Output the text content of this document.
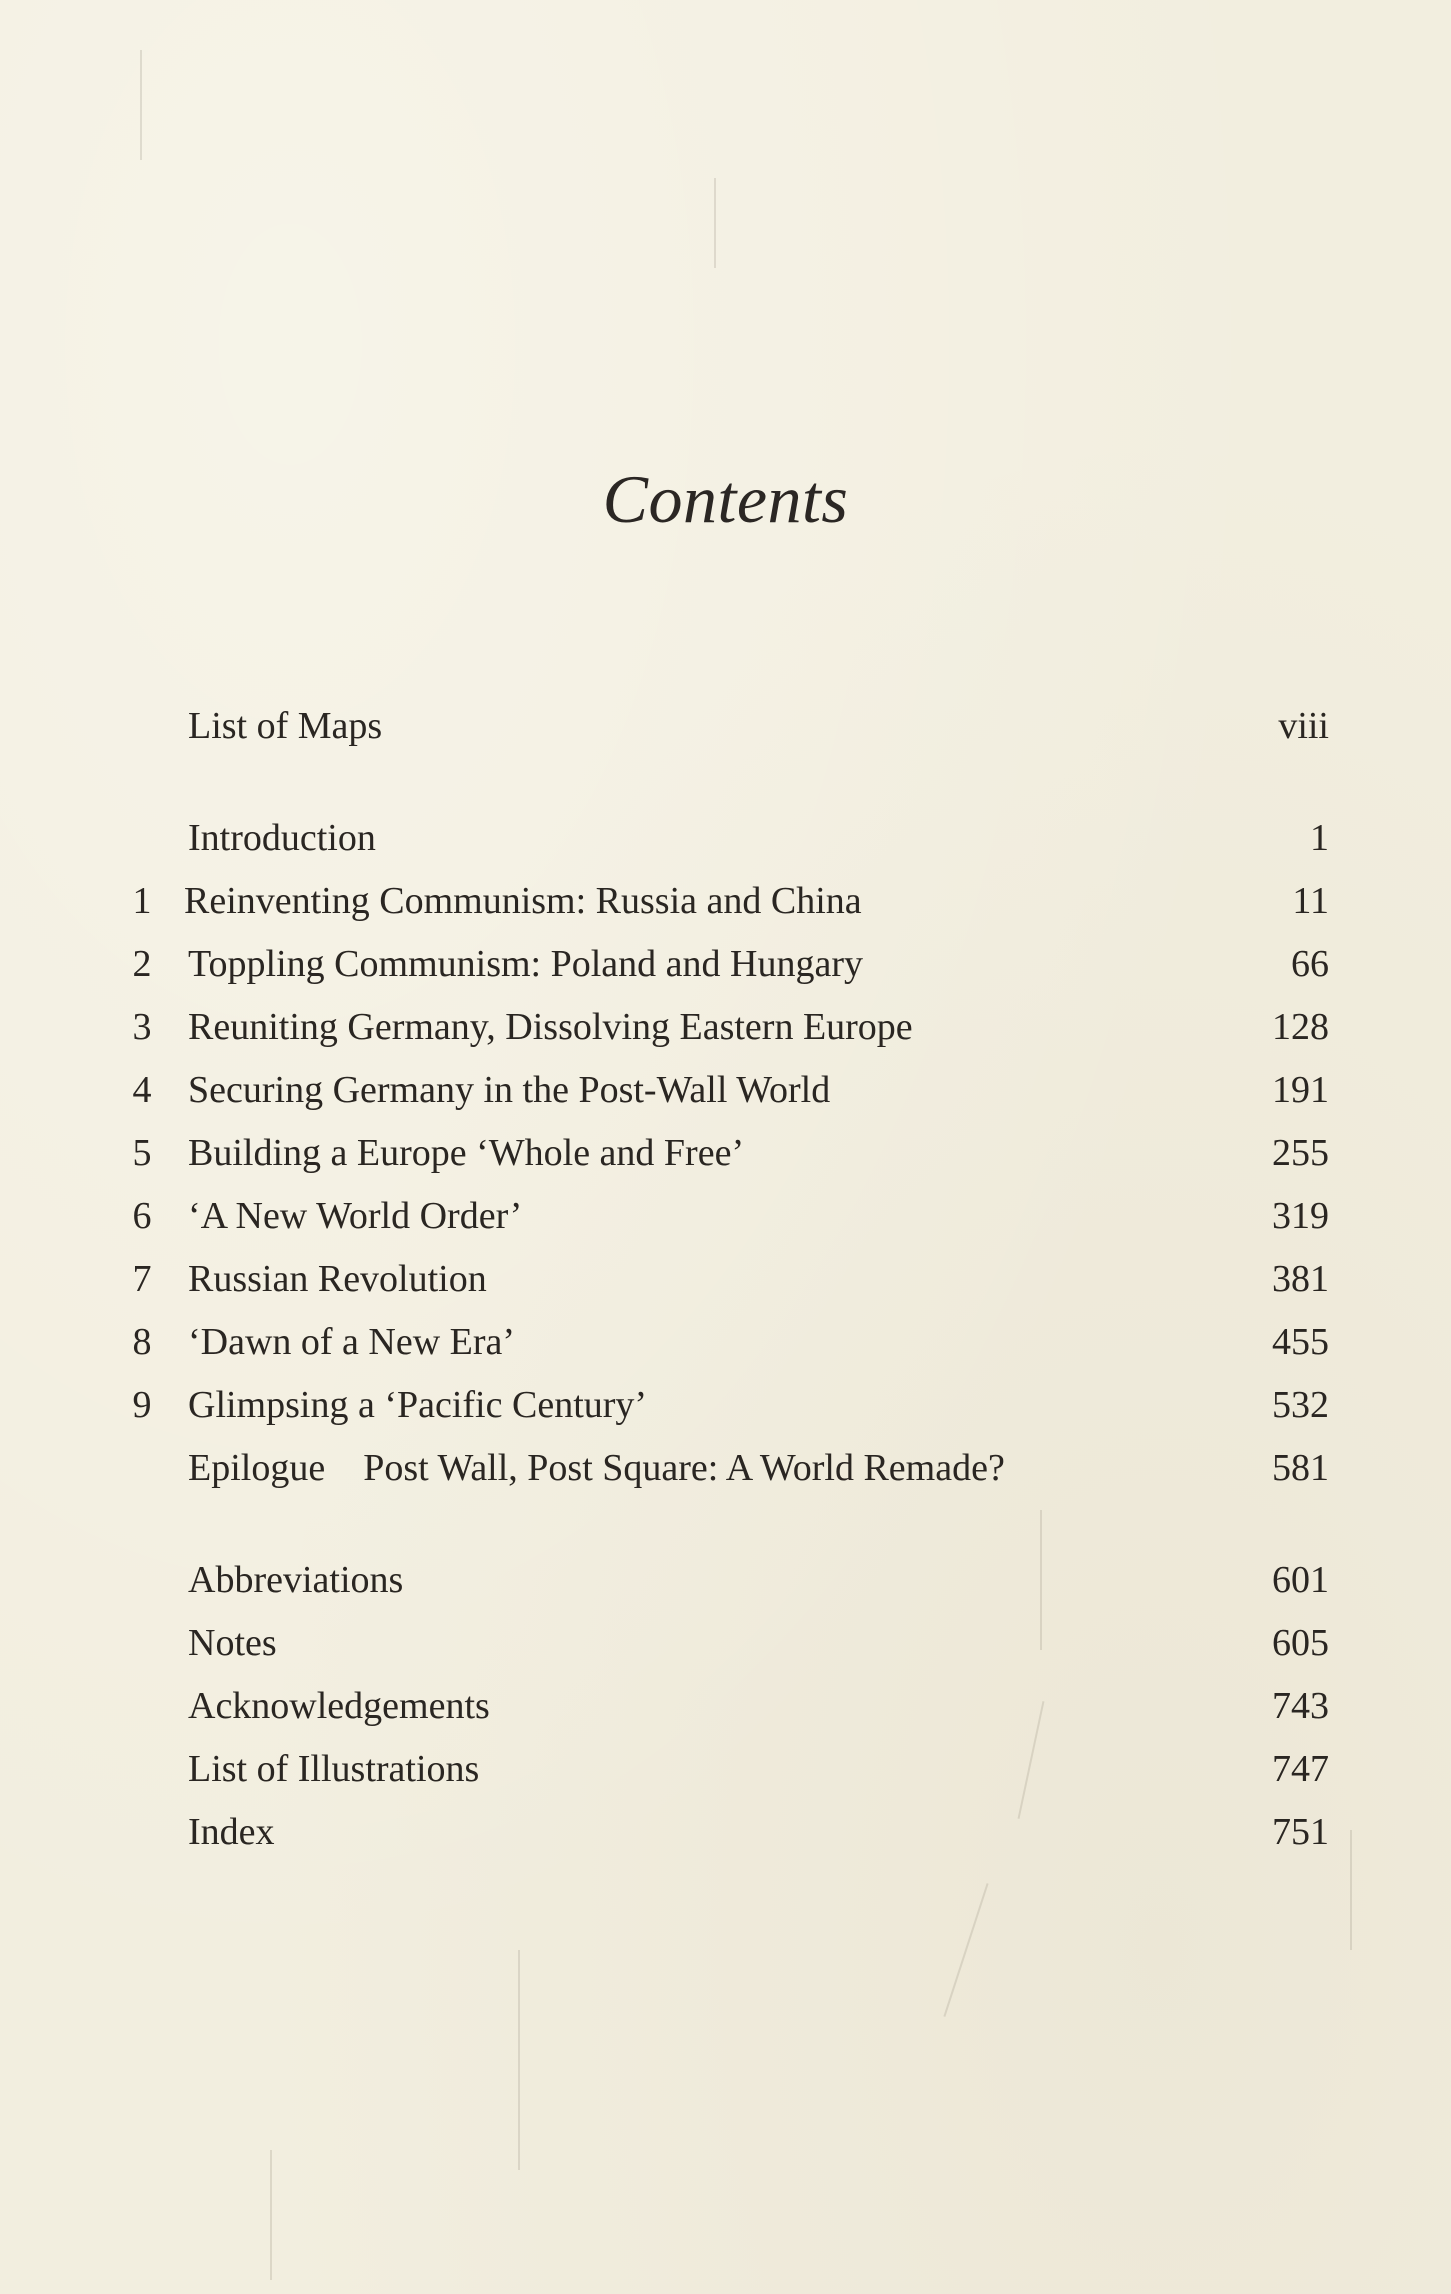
Contents
List of Maps	viii
Introduction	1
1 Reinventing Communism: Russia and China	11
2 Toppling Communism: Poland and Hungary	66
3 Reuniting Germany, Dissolving Eastern Europe	128
4 Securing Germany in the Post-Wall World	191
5 Building a Europe ‘Whole and Free’	255
6 ‘A New World Order’	319
7 Russian Revolution	381
8 ‘Dawn of a New Era’	455
9 Glimpsing a ‘Pacific Century’	532
Epilogue Post Wall, Post Square: A World Remade?	581
Abbreviations	601
Notes	605
Acknowledgements	743
List of Illustrations	747
Index	751
